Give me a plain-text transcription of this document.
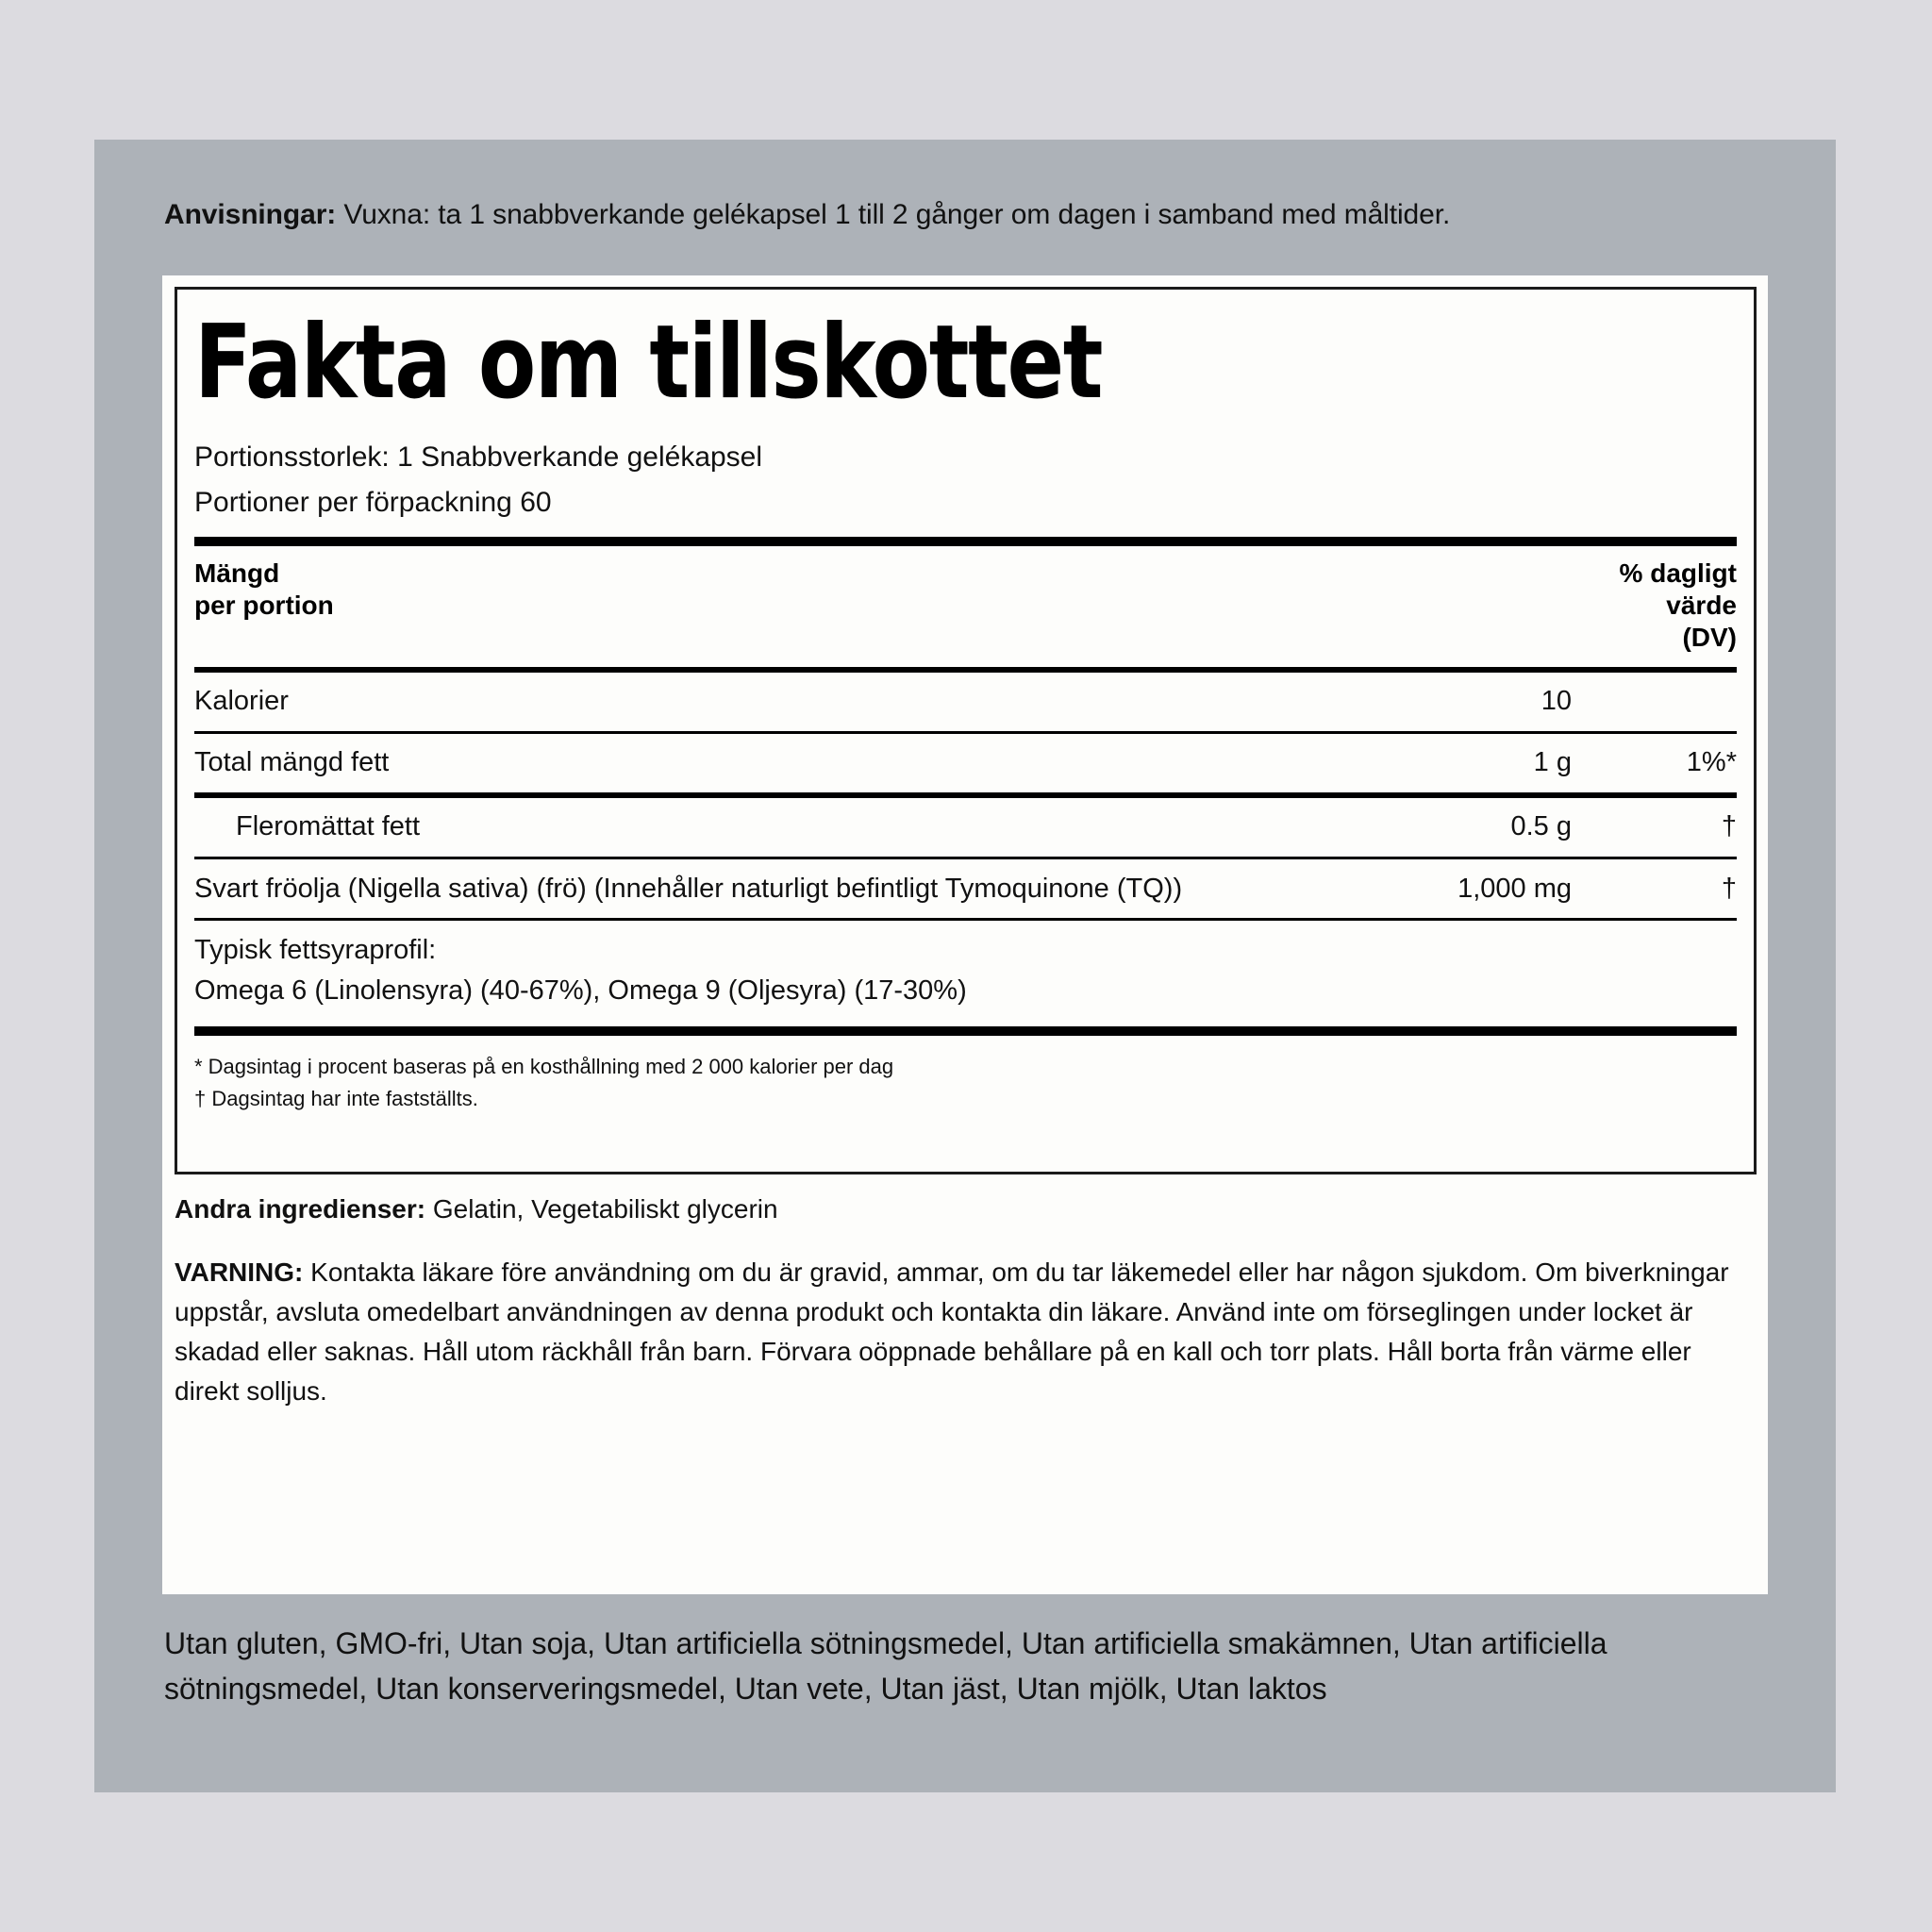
Anvisningar: Vuxna: ta 1 snabbverkande gelékapsel 1 till 2 gånger om dagen i samband med måltider.
Fakta om tillskottet
Portionsstorlek: 1 Snabbverkande gelékapsel
Portioner per förpackning 60
Mängd
per portion
% dagligt
värde
(DV)
Kalorier	10
Total mängd fett	1 g	1%*
Fleromättat fett	0.5 g	†
Svart fröolja (Nigella sativa) (frö) (Innehåller naturligt befintligt Tymoquinone (TQ))	1,000 mg	†
Typisk fettsyraprofil:
Omega 6 (Linolensyra) (40-67%), Omega 9 (Oljesyra) (17-30%)
* Dagsintag i procent baseras på en kosthållning med 2 000 kalorier per dag
† Dagsintag har inte fastställts.
Andra ingredienser: Gelatin, Vegetabiliskt glycerin
VARNING: Kontakta läkare före användning om du är gravid, ammar, om du tar läkemedel eller har någon sjukdom. Om biverkningar uppstår, avsluta omedelbart användningen av denna produkt och kontakta din läkare. Använd inte om förseglingen under locket är skadad eller saknas. Håll utom räckhåll från barn. Förvara oöppnade behållare på en kall och torr plats. Håll borta från värme eller direkt solljus.
Utan gluten, GMO-fri, Utan soja, Utan artificiella sötningsmedel, Utan artificiella smakämnen, Utan artificiella sötningsmedel, Utan konserveringsmedel, Utan vete, Utan jäst, Utan mjölk, Utan laktos
